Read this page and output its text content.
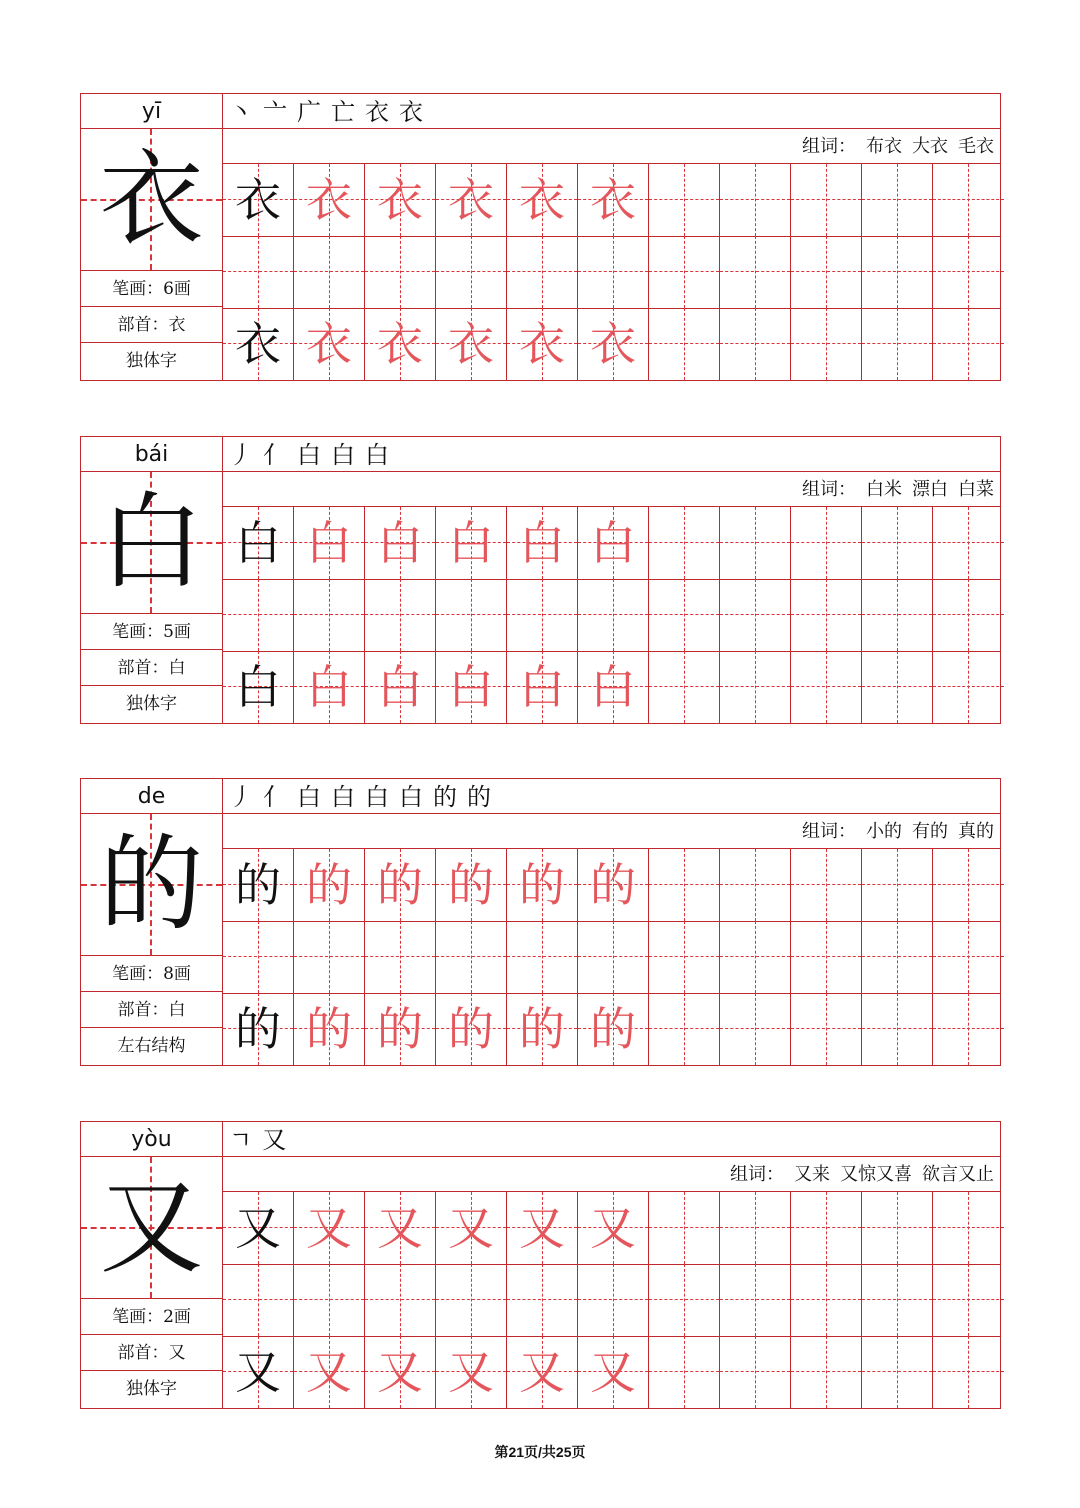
yī
衣
笔画：6画
部首：衣
独体字
丶 亠 广 亡 衣 衣
组词： 布衣 大衣 毛衣
衣 衣 衣 衣 衣 衣
衣 衣 衣 衣 衣 衣
bái
白
笔画：5画
部首：白
独体字
丿 亻 白 白 白
组词： 白米 漂白 白菜
白 白 白 白 白 白
白 白 白 白 白 白
de
的
笔画：8画
部首：白
左右结构
丿 亻 白 白 白 白 的 的
组词： 小的 有的 真的
的 的 的 的 的 的
的 的 的 的 的 的
yòu
又
笔画：2画
部首：又
独体字
ㄱ 又
组词： 又来 又惊又喜 欲言又止
又 又 又 又 又 又
又 又 又 又 又 又
第21页/共25页
